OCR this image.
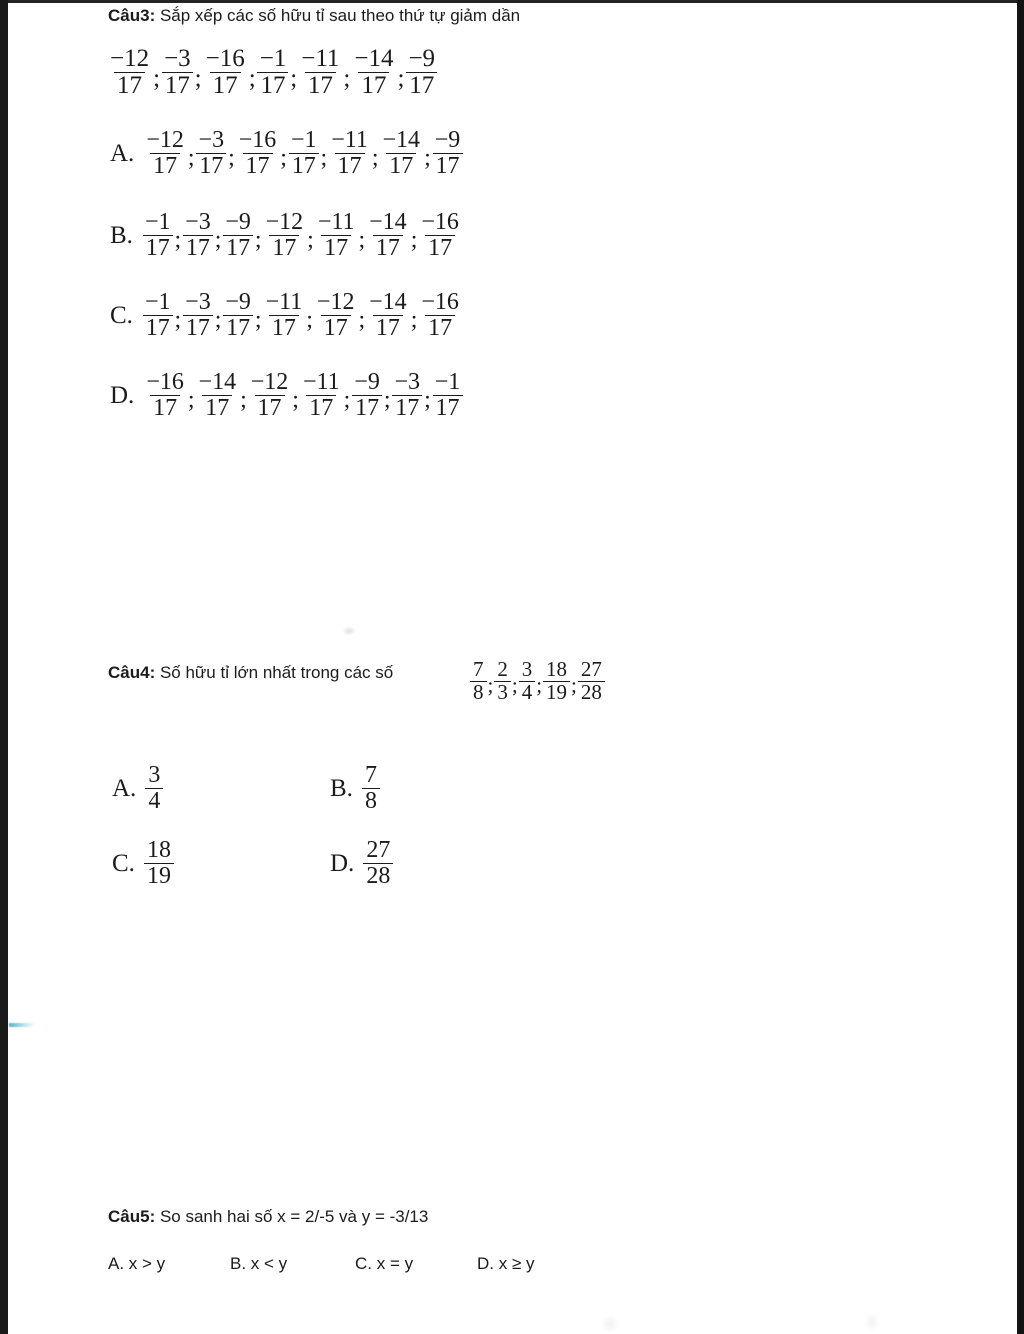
Câu3: Sắp xếp các số hữu tỉ sau theo thứ tự giảm dần
$\frac{-12}{17}$ ; $\frac{-3}{17}$ ; $\frac{-16}{17}$ ; $\frac{-1}{17}$ ; $\frac{-11}{17}$ ; $\frac{-14}{17}$ ; $\frac{-9}{17}$
A. $\frac{-12}{17}$ ; $\frac{-3}{17}$ ; $\frac{-16}{17}$ ; $\frac{-1}{17}$ ; $\frac{-11}{17}$ ; $\frac{-14}{17}$ ; $\frac{-9}{17}$
B. $\frac{-1}{17}$ ; $\frac{-3}{17}$ ; $\frac{-9}{17}$ ; $\frac{-12}{17}$ ; $\frac{-11}{17}$ ; $\frac{-14}{17}$ ; $\frac{-16}{17}$
C. $\frac{-1}{17}$ ; $\frac{-3}{17}$ ; $\frac{-9}{17}$ ; $\frac{-11}{17}$ ; $\frac{-12}{17}$ ; $\frac{-14}{17}$ ; $\frac{-16}{17}$
D. $\frac{-16}{17}$ ; $\frac{-14}{17}$ ; $\frac{-12}{17}$ ; $\frac{-11}{17}$ ; $\frac{-9}{17}$ ; $\frac{-3}{17}$ ; $\frac{-1}{17}$
Câu4: Số hữu tỉ lớn nhất trong các số	$\frac{7}{8}$ ; $\frac{2}{3}$ ; $\frac{3}{4}$ ; $\frac{18}{19}$ ; $\frac{27}{28}$
A. $\frac{3}{4}$	B. $\frac{7}{8}$
C. $\frac{18}{19}$	D. $\frac{27}{28}$
Câu5: So sanh hai số x = 2/-5 và y = -3/13
A. x > y	B. x < y	C. x = y	D. x ≥ y
